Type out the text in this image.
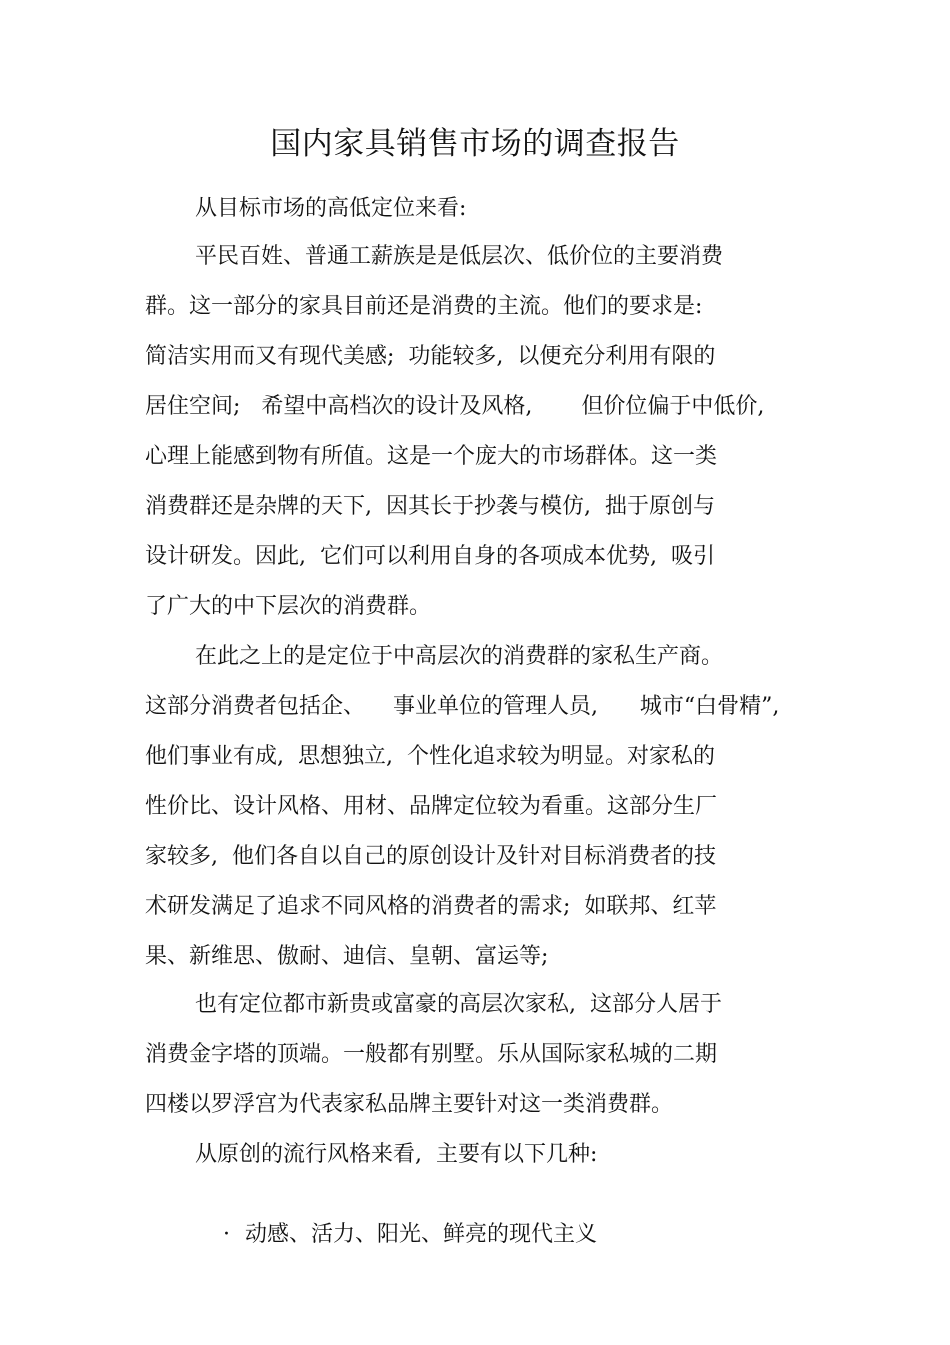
国内家具销售市场的调查报告
从目标市场的高低定位来看:
平民百姓、普通工薪族是是低层次、低价位的主要消费
群。这一部分的家具目前还是消费的主流。他们的要求是:
简洁实用而又有现代美感;  功能较多,  以便充分利用有限的
居住空间;   希望中高档次的设计及风格,       但价位偏于中低价,
心理上能感到物有所值。这是一个庞大的市场群体。这一类
消费群还是杂牌的天下,  因其长于抄袭与模仿,  拙于原创与
设计研发。因此,  它们可以利用自身的各项成本优势,  吸引
了广大的中下层次的消费群。
在此之上的是定位于中高层次的消费群的家私生产商。
这部分消费者包括企、    事业单位的管理人员,      城市“白骨精”,
他们事业有成,  思想独立,  个性化追求较为明显。对家私的
性价比、设计风格、用材、品牌定位较为看重。这部分生厂
家较多,  他们各自以自己的原创设计及针对目标消费者的技
术研发满足了追求不同风格的消费者的需求;  如联邦、红苹
果、新维思、傲耐、迪信、皇朝、富运等;
也有定位都市新贵或富豪的高层次家私,  这部分人居于
消费金字塔的顶端。一般都有别墅。乐从国际家私城的二期
四楼以罗浮宫为代表家私品牌主要针对这一类消费群。
从原创的流行风格来看,  主要有以下几种:

· 动感、活力、阳光、鲜亮的现代主义
